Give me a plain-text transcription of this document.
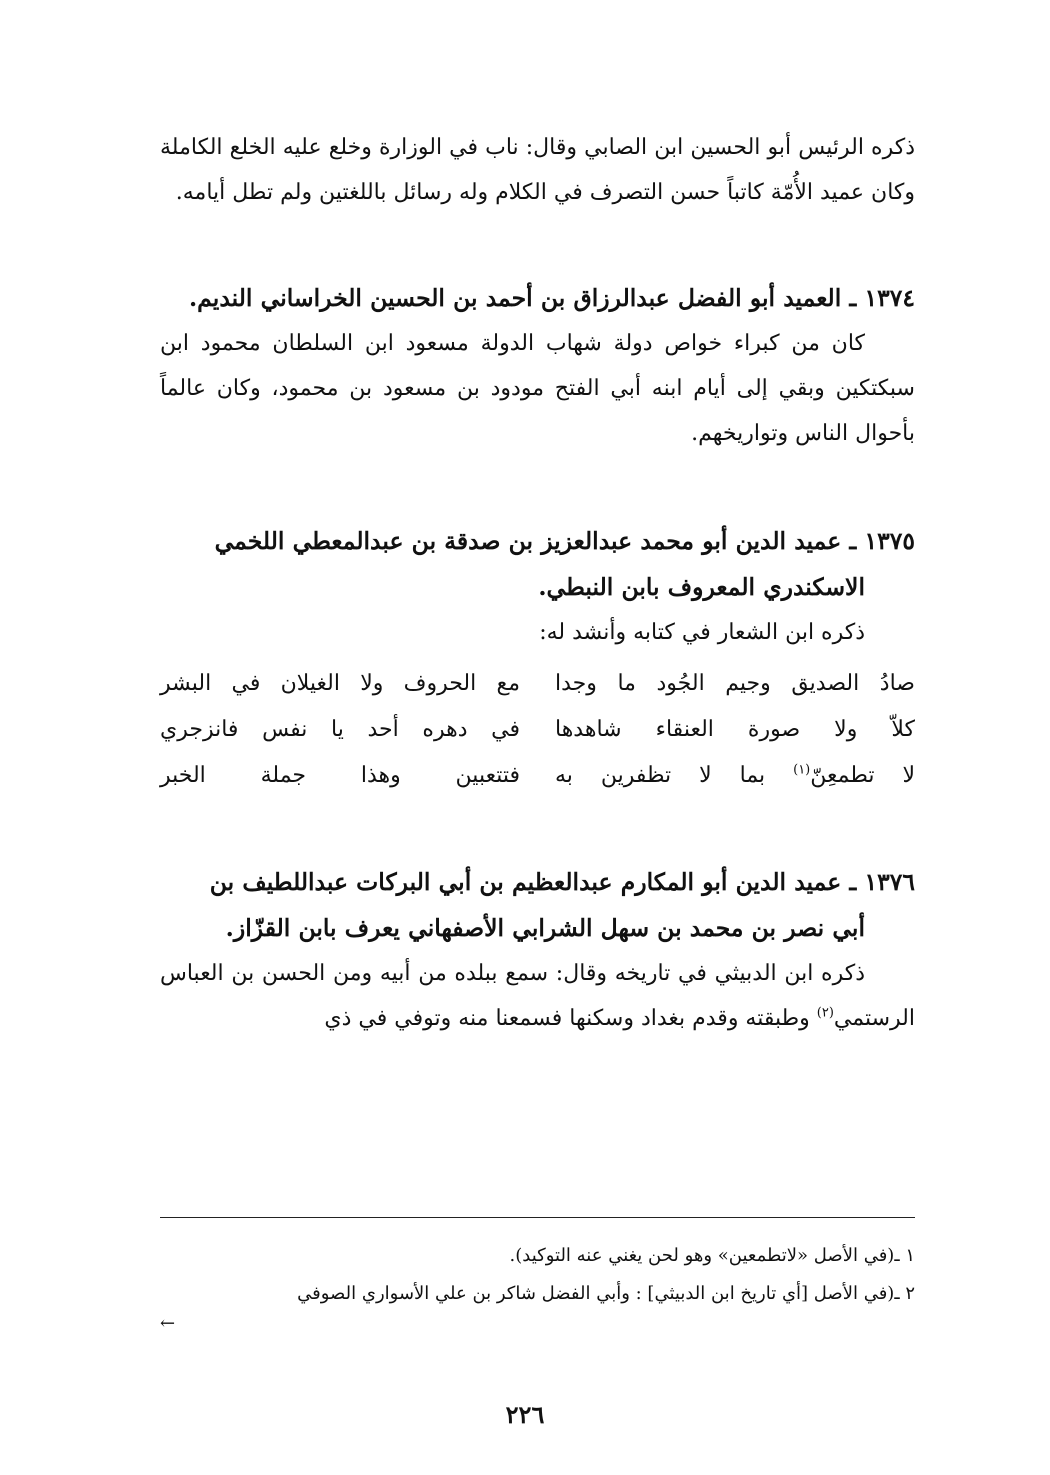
ذكره الرئيس أبو الحسين ابن الصابي وقال: ناب في الوزارة وخلع عليه الخلع الكاملة وكان عميد الأُمّة كاتباً حسن التصرف في الكلام وله رسائل باللغتين ولم تطل أيامه.

١٣٧٤ ـ العميد أبو الفضل عبدالرزاق بن أحمد بن الحسين الخراساني النديم.

كان من كبراء خواص دولة شهاب الدولة مسعود ابن السلطان محمود ابن سبكتكين وبقي إلى أيام ابنه أبي الفتح مودود بن مسعود بن محمود، وكان عالماً بأحوال الناس وتواريخهم.

١٣٧٥ ـ عميد الدين أبو محمد عبدالعزيز بن صدقة بن عبدالمعطي اللخمي
الاسكندري المعروف بابن النبطي.

ذكره ابن الشعار في كتابه وأنشد له:

صادُ الصديق وجيم الجُود ما وجدا
مع الحروف ولا الغيلان في البشر
كلاّ ولا صورة العنقاء شاهدها
في دهره أحد يا نفس فانزجري
لا تطمعِنّ$^{(١)}$ بما لا تظفرين به
فتتعبين وهذا جملة الخبر

١٣٧٦ ـ عميد الدين أبو المكارم عبدالعظيم بن أبي البركات عبداللطيف بن
أبي نصر بن محمد بن سهل الشرابي الأصفهاني يعرف بابن القزّاز.

ذكره ابن الدبيثي في تاريخه وقال: سمع ببلده من أبيه ومن الحسن بن العباس الرستمي$^{(٢)}$ وطبقته وقدم بغداد وسكنها فسمعنا منه وتوفي في ذي

١ ـ(في الأصل «لاتطمعين» وهو لحن يغني عنه التوكيد).

٢ ـ(في الأصل [أي تاريخ ابن الدبيثي] : وأبي الفضل شاكر بن علي الأسواري الصوفي

←
٢٢٦
